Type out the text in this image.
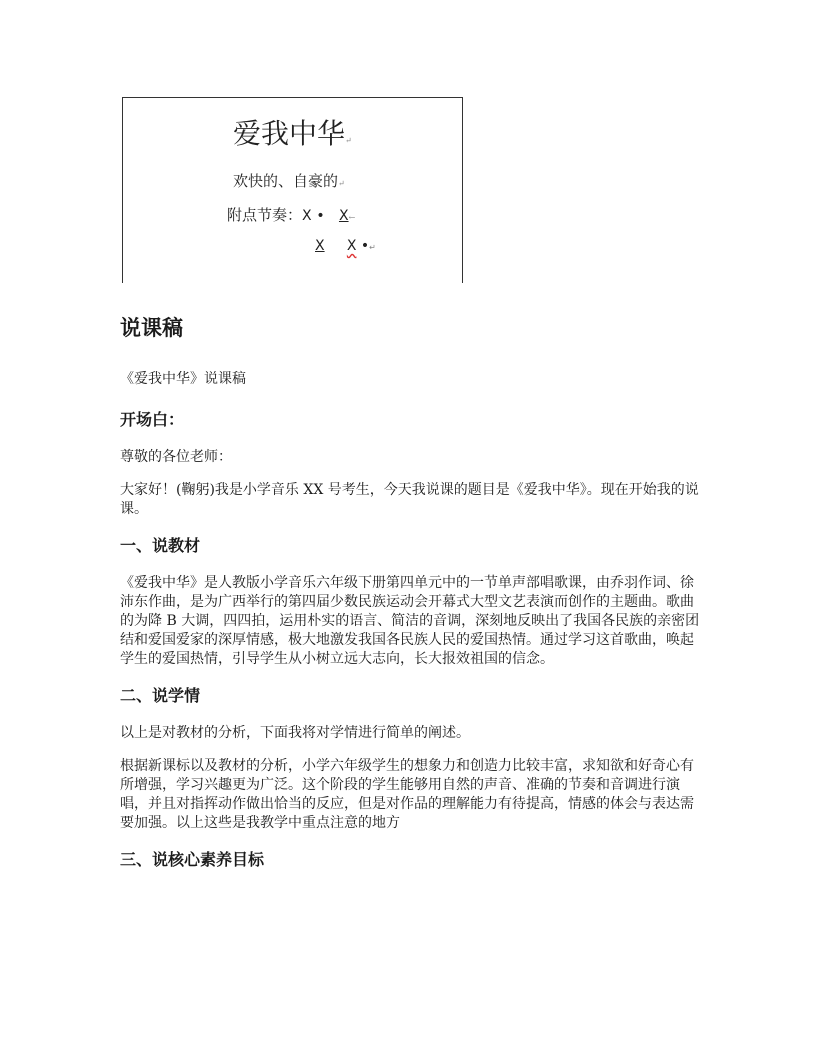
爱我中华↵
欢快的、自豪的↵
附点节奏：X • X←
X X •↵
说课稿

《爱我中华》说课稿

开场白：

尊敬的各位老师：

大家好！(鞠躬)我是小学音乐 XX 号考生，今天我说课的题目是《爱我中华》。现在开始我的说课。

一、说教材

《爱我中华》是人教版小学音乐六年级下册第四单元中的一节单声部唱歌课，由乔羽作词、徐沛东作曲，是为广西举行的第四届少数民族运动会开幕式大型文艺表演而创作的主题曲。歌曲的为降 B 大调，四四拍，运用朴实的语言、简洁的音调，深刻地反映出了我国各民族的亲密团结和爱国爱家的深厚情感，极大地激发我国各民族人民的爱国热情。通过学习这首歌曲，唤起学生的爱国热情，引导学生从小树立远大志向，长大报效祖国的信念。

二、说学情

以上是对教材的分析，下面我将对学情进行简单的阐述。

根据新课标以及教材的分析，小学六年级学生的想象力和创造力比较丰富，求知欲和好奇心有所增强，学习兴趣更为广泛。这个阶段的学生能够用自然的声音、准确的节奏和音调进行演唱，并且对指挥动作做出恰当的反应，但是对作品的理解能力有待提高，情感的体会与表达需要加强。以上这些是我教学中重点注意的地方

三、说核心素养目标
